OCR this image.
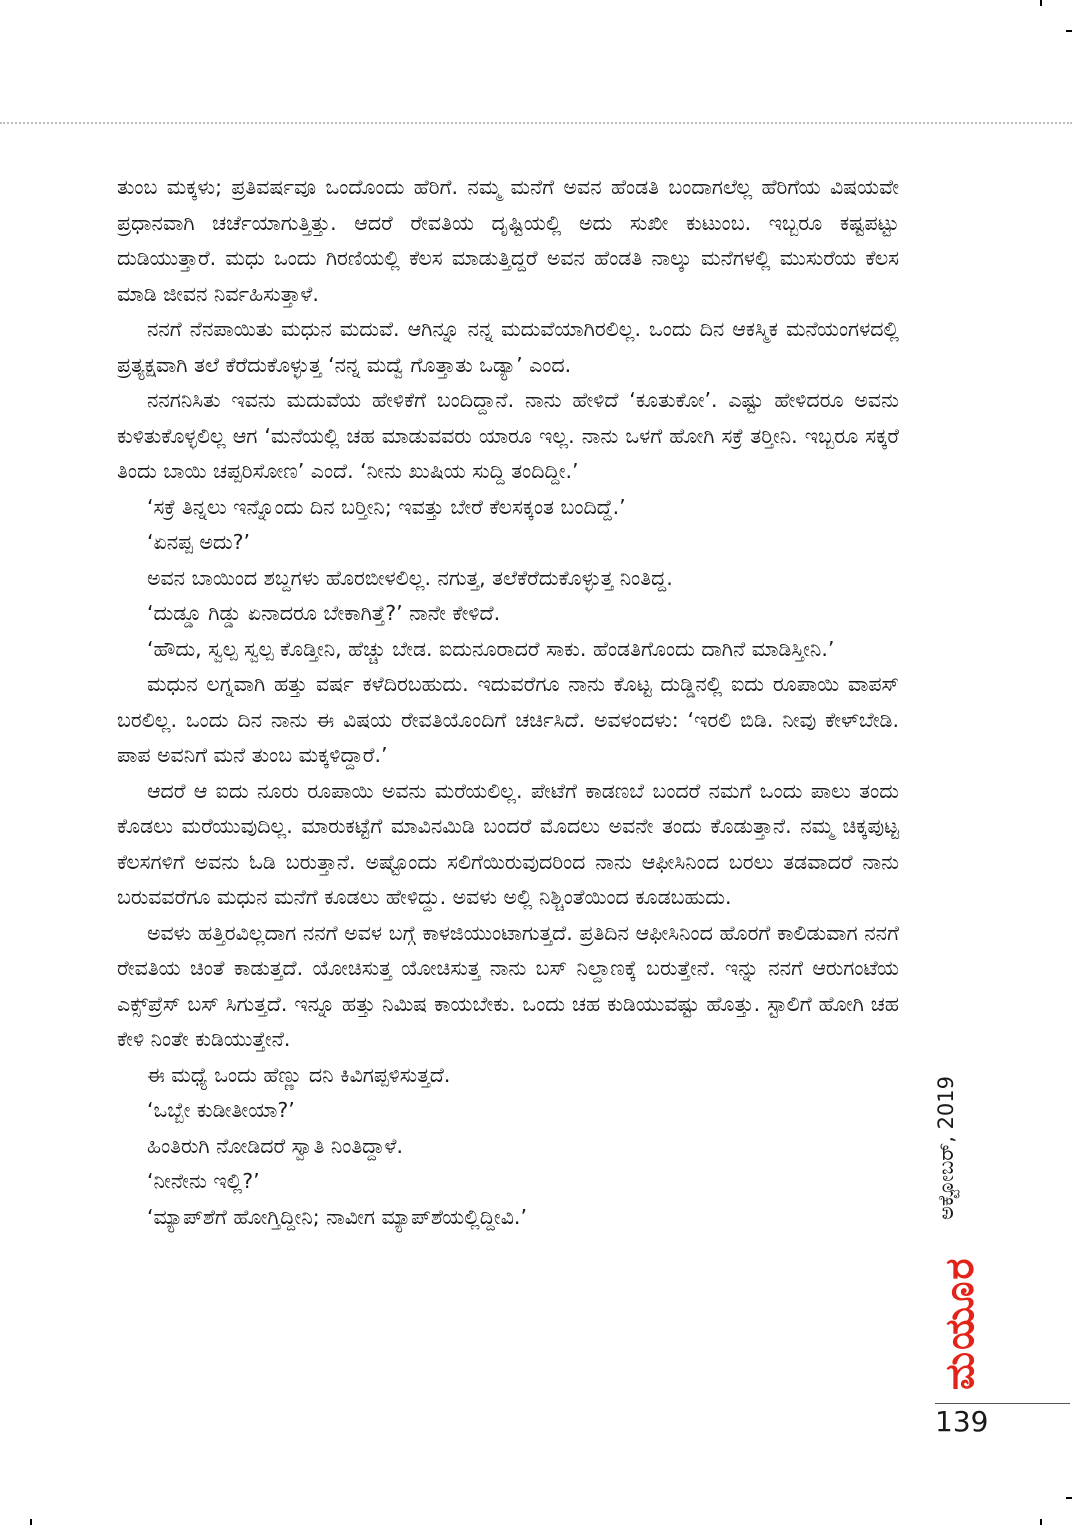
ತುಂಬ ಮಕ್ಕಳು; ಪ್ರತಿವರ್ಷವೂ ಒಂದೊಂದು ಹೆರಿಗೆ. ನಮ್ಮ ಮನೆಗೆ ಅವನ ಹೆಂಡತಿ ಬಂದಾಗಲೆಲ್ಲ ಹೆರಿಗೆಯ ವಿಷಯವೇ ಪ್ರಧಾನವಾಗಿ ಚರ್ಚೆಯಾಗುತ್ತಿತ್ತು. ಆದರೆ ರೇವತಿಯ ದೃಷ್ಟಿಯಲ್ಲಿ ಅದು ಸುಖೀ ಕುಟುಂಬ. ಇಬ್ಬರೂ ಕಷ್ಟಪಟ್ಟು ದುಡಿಯುತ್ತಾರೆ. ಮಧು ಒಂದು ಗಿರಣಿಯಲ್ಲಿ ಕೆಲಸ ಮಾಡುತ್ತಿದ್ದರೆ ಅವನ ಹೆಂಡತಿ ನಾಲ್ಕು ಮನೆಗಳಲ್ಲಿ ಮುಸುರೆಯ ಕೆಲಸ ಮಾಡಿ ಜೀವನ ನಿರ್ವಹಿಸುತ್ತಾಳೆ.

ನನಗೆ ನೆನಪಾಯಿತು ಮಧುನ ಮದುವೆ. ಆಗಿನ್ನೂ ನನ್ನ ಮದುವೆಯಾಗಿರಲಿಲ್ಲ. ಒಂದು ದಿನ ಆಕಸ್ಮಿಕ ಮನೆಯಂಗಳದಲ್ಲಿ ಪ್ರತ್ಯಕ್ಷವಾಗಿ ತಲೆ ಕೆರೆದುಕೊಳ್ಳುತ್ತ ‘ನನ್ನ ಮದ್ವೆ ಗೊತ್ತಾತು ಒಡ್ಯಾ’ ಎಂದ.

ನನಗನಿಸಿತು ಇವನು ಮದುವೆಯ ಹೇಳಿಕೆಗೆ ಬಂದಿದ್ದಾನೆ. ನಾನು ಹೇಳಿದೆ ‘ಕೂತುಕೋ’. ಎಷ್ಟು ಹೇಳಿದರೂ ಅವನು ಕುಳಿತುಕೊಳ್ಳಲಿಲ್ಲ ಆಗ ‘ಮನೆಯಲ್ಲಿ ಚಹ ಮಾಡುವವರು ಯಾರೂ ಇಲ್ಲ. ನಾನು ಒಳಗೆ ಹೋಗಿ ಸಕ್ರೆ ತರ್‍ತೀನಿ. ಇಬ್ಬರೂ ಸಕ್ಕರೆ ತಿಂದು ಬಾಯಿ ಚಪ್ಪರಿಸೋಣ’ ಎಂದೆ. ‘ನೀನು ಖುಷಿಯ ಸುದ್ದಿ ತಂದಿದ್ದೀ.’

‘ಸಕ್ರೆ ತಿನ್ನಲು ಇನ್ನೊಂದು ದಿನ ಬರ್‍ತೀನಿ; ಇವತ್ತು ಬೇರೆ ಕೆಲಸಕ್ಕಂತ ಬಂದಿದ್ದೆ.’

‘ಏನಪ್ಪ ಅದು?’

ಅವನ ಬಾಯಿಂದ ಶಬ್ದಗಳು ಹೊರಬೀಳಲಿಲ್ಲ. ನಗುತ್ತ, ತಲೆಕೆರೆದುಕೊಳ್ಳುತ್ತ ನಿಂತಿದ್ದ.

‘ದುಡ್ಡೂ ಗಿಡ್ಡು ಏನಾದರೂ ಬೇಕಾಗಿತ್ತೆ?’ ನಾನೇ ಕೇಳಿದೆ.

‘ಹೌದು, ಸ್ವಲ್ಪ ಸ್ವಲ್ಪ ಕೊಡ್ತೀನಿ, ಹೆಚ್ಚು ಬೇಡ. ಐದುನೂರಾದರೆ ಸಾಕು. ಹೆಂಡತಿಗೊಂದು ದಾಗಿನೆ ಮಾಡಿಸ್ತೀನಿ.’

ಮಧುನ ಲಗ್ನವಾಗಿ ಹತ್ತು ವರ್ಷ ಕಳೆದಿರಬಹುದು. ಇದುವರೆಗೂ ನಾನು ಕೊಟ್ಟ ದುಡ್ಡಿನಲ್ಲಿ ಐದು ರೂಪಾಯಿ ವಾಪಸ್ ಬರಲಿಲ್ಲ. ಒಂದು ದಿನ ನಾನು ಈ ವಿಷಯ ರೇವತಿಯೊಂದಿಗೆ ಚರ್ಚಿಸಿದೆ. ಅವಳಂದಳು: ‘ಇರಲಿ ಬಿಡಿ. ನೀವು ಕೇಳ್‌ಬೇಡಿ. ಪಾಪ ಅವನಿಗೆ ಮನೆ ತುಂಬ ಮಕ್ಕಳಿದ್ದಾರೆ.’

ಆದರೆ ಆ ಐದು ನೂರು ರೂಪಾಯಿ ಅವನು ಮರೆಯಲಿಲ್ಲ. ಪೇಟೆಗೆ ಕಾಡಣಬೆ ಬಂದರೆ ನಮಗೆ ಒಂದು ಪಾಲು ತಂದು ಕೊಡಲು ಮರೆಯುವುದಿಲ್ಲ. ಮಾರುಕಟ್ಟೆಗೆ ಮಾವಿನಮಿಡಿ ಬಂದರೆ ಮೊದಲು ಅವನೇ ತಂದು ಕೊಡುತ್ತಾನೆ. ನಮ್ಮ ಚಿಕ್ಕಪುಟ್ಟ ಕೆಲಸಗಳಿಗೆ ಅವನು ಓಡಿ ಬರುತ್ತಾನೆ. ಅಷ್ಟೊಂದು ಸಲಿಗೆಯಿರುವುದರಿಂದ ನಾನು ಆಫೀಸಿನಿಂದ ಬರಲು ತಡವಾದರೆ ನಾನು ಬರುವವರೆಗೂ ಮಧುನ ಮನೆಗೆ ಕೂಡಲು ಹೇಳಿದ್ದು. ಅವಳು ಅಲ್ಲಿ ನಿಶ್ಚಿಂತೆಯಿಂದ ಕೂಡಬಹುದು.

ಅವಳು ಹತ್ತಿರವಿಲ್ಲದಾಗ ನನಗೆ ಅವಳ ಬಗ್ಗೆ ಕಾಳಜಿಯುಂಟಾಗುತ್ತದೆ. ಪ್ರತಿದಿನ ಆಫೀಸಿನಿಂದ ಹೊರಗೆ ಕಾಲಿಡುವಾಗ ನನಗೆ ರೇವತಿಯ ಚಿಂತೆ ಕಾಡುತ್ತದೆ. ಯೋಚಿಸುತ್ತ ಯೋಚಿಸುತ್ತ ನಾನು ಬಸ್ ನಿಲ್ದಾಣಕ್ಕೆ ಬರುತ್ತೇನೆ. ಇನ್ನು ನನಗೆ ಆರುಗಂಟೆಯ ಎಕ್ಸ್‌ಪ್ರೆಸ್ ಬಸ್ ಸಿಗುತ್ತದೆ. ಇನ್ನೂ ಹತ್ತು ನಿಮಿಷ ಕಾಯಬೇಕು. ಒಂದು ಚಹ ಕುಡಿಯುವಷ್ಟು ಹೊತ್ತು. ಸ್ಟಾಲಿಗೆ ಹೋಗಿ ಚಹ ಕೇಳಿ ನಿಂತೇ ಕುಡಿಯುತ್ತೇನೆ.

ಈ ಮಧ್ಯೆ ಒಂದು ಹೆಣ್ಣು ದನಿ ಕಿವಿಗಪ್ಪಳಿಸುತ್ತದೆ.

‘ಒಬ್ಬೇ ಕುಡೀತೀಯಾ?’

ಹಿಂತಿರುಗಿ ನೋಡಿದರೆ ಸ್ವಾತಿ ನಿಂತಿದ್ದಾಳೆ.

‘ನೀನೇನು ಇಲ್ಲಿ?’

‘ಮ್ಯಾಪ್‌ಶೆಗೆ ಹೋಗ್ತಿದ್ದೀನಿ; ನಾವೀಗ ಮ್ಯಾಪ್‌ಶೆಯಲ್ಲಿದ್ದೀವಿ.’	ಅಕ್ಟೋಬರ್, 2019
ಮಯೂರ
139
